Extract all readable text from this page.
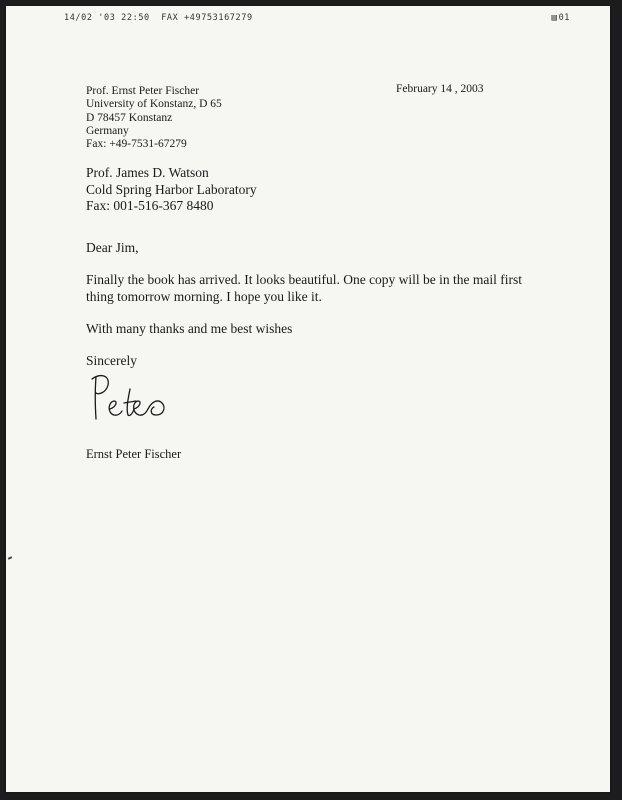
14/02 '03 22:50  FAX +49753167279	▤01
Prof. Ernst Peter Fischer
University of Konstanz, D 65
D 78457 Konstanz
Germany
Fax: +49-7531-67279
February 14 , 2003
Prof. James D. Watson
Cold Spring Harbor Laboratory
Fax: 001-516-367 8480
Dear Jim,
Finally the book has arrived. It looks beautiful. One copy will be in the mail first
thing tomorrow morning. I hope you like it.
With many thanks and me best wishes
Sincerely
Ernst Peter Fischer
